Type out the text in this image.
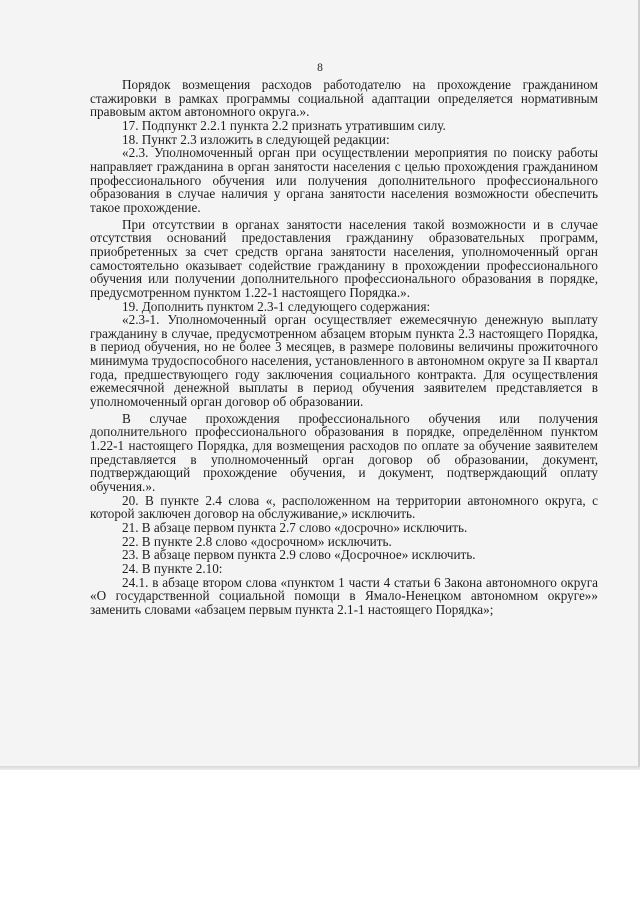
8

Порядок возмещения расходов работодателю на прохождение гражданином стажировки в рамках программы социальной адаптации определяется нормативным правовым актом автономного округа.».

17. Подпункт 2.2.1 пункта 2.2 признать утратившим силу.

18. Пункт 2.3 изложить в следующей редакции:

«2.3. Уполномоченный орган при осуществлении мероприятия по поиску работы направляет гражданина в орган занятости населения с целью прохождения гражданином профессионального обучения или получения дополнительного профессионального образования в случае наличия у органа занятости населения возможности обеспечить такое прохождение.

При отсутствии в органах занятости населения такой возможности и в случае отсутствия оснований предоставления гражданину образовательных программ, приобретенных за счет средств органа занятости населения, уполномоченный орган самостоятельно оказывает содействие гражданину в прохождении профессионального обучения или получении дополнительного профессионального образования в порядке, предусмотренном пунктом 1.22-1 настоящего Порядка.».

19. Дополнить пунктом 2.3-1 следующего содержания:

«2.3-1. Уполномоченный орган осуществляет ежемесячную денежную выплату гражданину в случае, предусмотренном абзацем вторым пункта 2.3 настоящего Порядка, в период обучения, но не более 3 месяцев, в размере половины величины прожиточного минимума трудоспособного населения, установленного в автономном округе за II квартал года, предшествующего году заключения социального контракта. Для осуществления ежемесячной денежной выплаты в период обучения заявителем представляется в уполномоченный орган договор об образовании.

В случае прохождения профессионального обучения или получения дополнительного профессионального образования в порядке, определённом пунктом 1.22-1 настоящего Порядка, для возмещения расходов по оплате за обучение заявителем представляется в уполномоченный орган договор об образовании, документ, подтверждающий прохождение обучения, и документ, подтверждающий оплату обучения.».

20. В пункте 2.4 слова «, расположенном на территории автономного округа, с которой заключен договор на обслуживание,» исключить.

21. В абзаце первом пункта 2.7 слово «досрочно» исключить.

22. В пункте 2.8 слово «досрочном» исключить.

23. В абзаце первом пункта 2.9 слово «Досрочное» исключить.

24. В пункте 2.10:

24.1. в абзаце втором слова «пунктом 1 части 4 статьи 6 Закона автономного округа «О государственной социальной помощи в Ямало-Ненецком автономном округе»» заменить словами «абзацем первым пункта 2.1-1 настоящего Порядка»;
